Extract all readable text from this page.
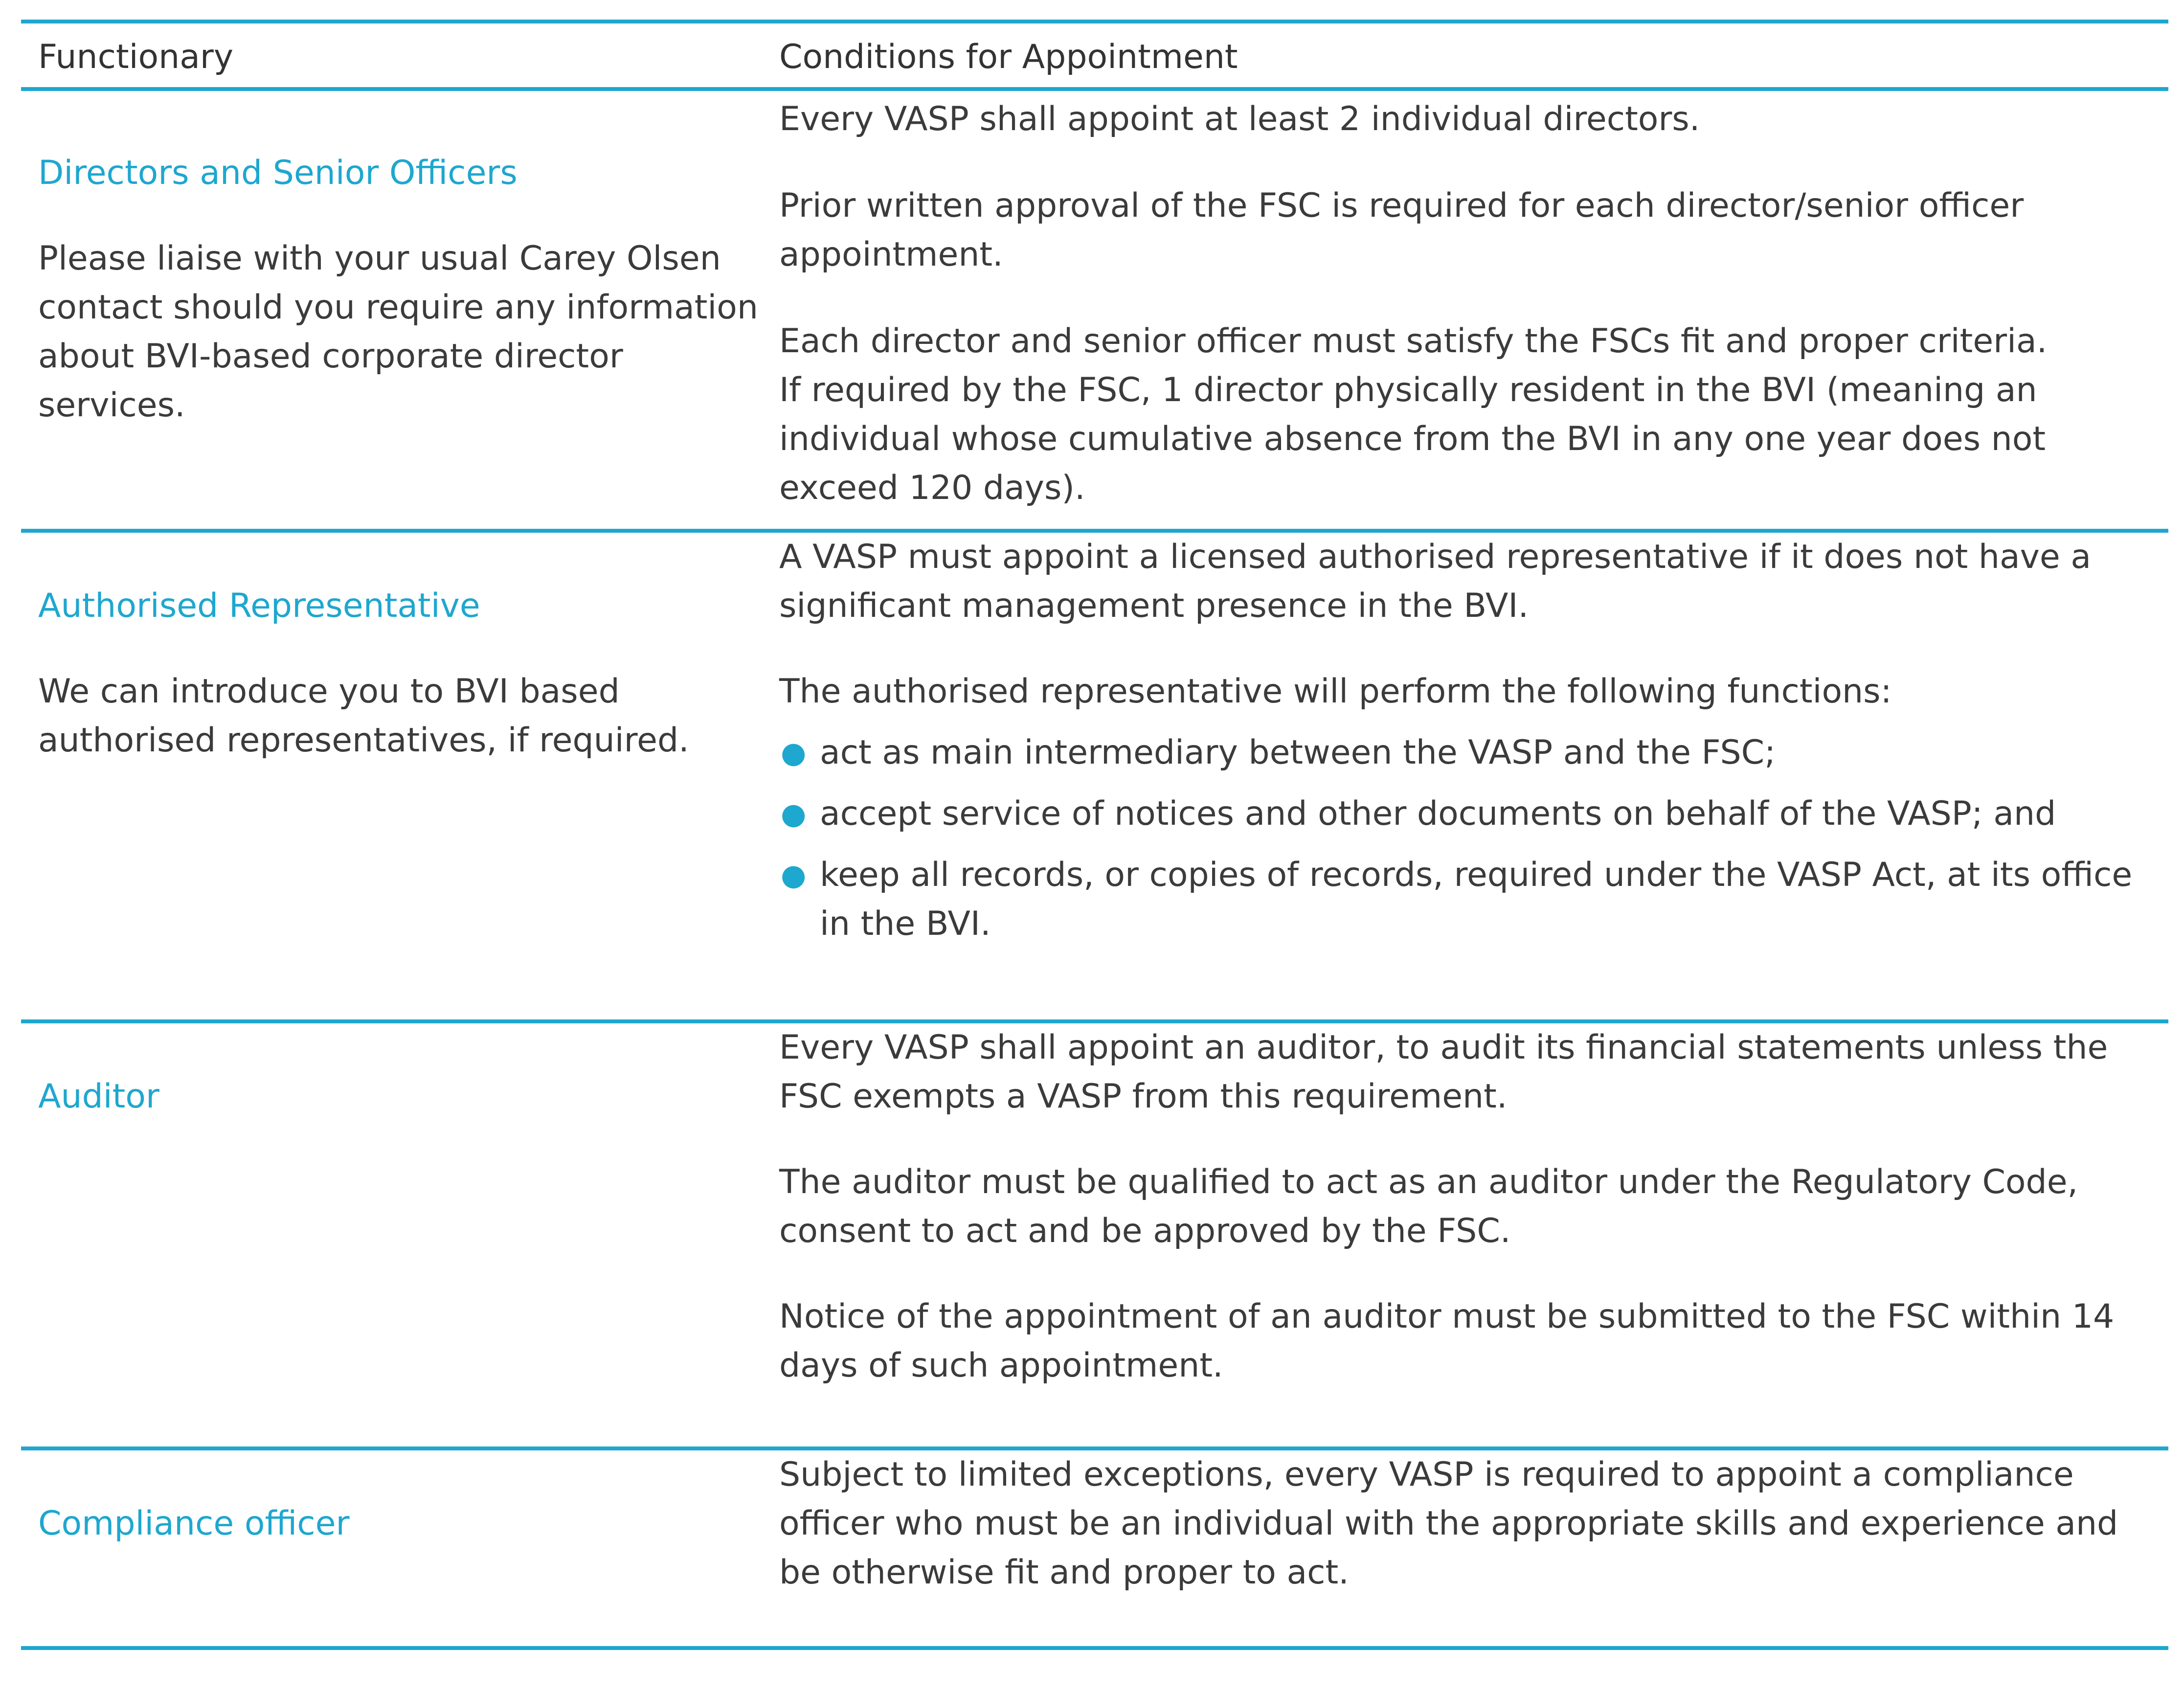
Functionary	Conditions for Appointment

Directors and Senior Officers

Please liaise with your usual Carey Olsen contact should you require any information about BVI-based corporate director services.

Every VASP shall appoint at least 2 individual directors.

Prior written approval of the FSC is required for each director/senior officer appointment.

Each director and senior officer must satisfy the FSCs fit and proper criteria.

If required by the FSC, 1 director physically resident in the BVI (meaning an individual whose cumulative absence from the BVI in any one year does not exceed 120 days).

Authorised Representative

We can introduce you to BVI based authorised representatives, if required.

A VASP must appoint a licensed authorised representative if it does not have a significant management presence in the BVI.

The authorised representative will perform the following functions:

● act as main intermediary between the VASP and the FSC;
● accept service of notices and other documents on behalf of the VASP; and
● keep all records, or copies of records, required under the VASP Act, at its office in the BVI.

Auditor

Every VASP shall appoint an auditor, to audit its financial statements unless the FSC exempts a VASP from this requirement.

The auditor must be qualified to act as an auditor under the Regulatory Code, consent to act and be approved by the FSC.

Notice of the appointment of an auditor must be submitted to the FSC within 14 days of such appointment.

Compliance officer

Subject to limited exceptions, every VASP is required to appoint a compliance officer who must be an individual with the appropriate skills and experience and be otherwise fit and proper to act.
